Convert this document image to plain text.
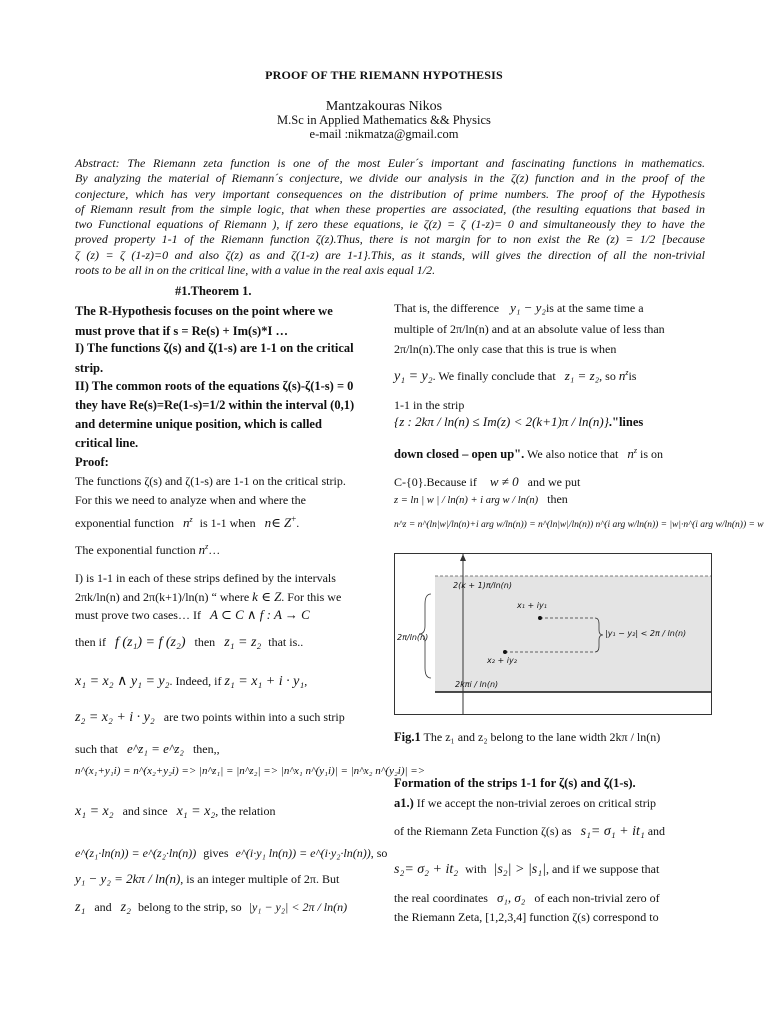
PROOF OF THE RIEMANN HYPOTHESIS
Mantzakouras Nikos
M.Sc in Applied Mathematics && Physics
e-mail :nikmatza@gmail.com
Abstract: The Riemann zeta function is one of the most Euler´s important and fascinating functions in mathematics.
By analyzing the material of Riemann´s conjecture, we divide our analysis in the ζ(z) function and in the proof of the
conjecture, which has very important consequences on the distribution of prime numbers. The proof of the Hypothesis
of Riemann result from the simple logic, that when these properties are associated, (the resulting equations that based in
two Functional equations of Riemann ), if zero these equations, ie ζ(z) = ζ (1-z)= 0 and simultaneously they to have the
proved property 1-1 of the Riemann function ζ(z).Thus, there is not margin for to non exist the Re (z) = 1/2 [because
ζ (z) = ζ (1-z)=0 and also ζ(z) as and ζ(1-z) are 1-1}.This, as it stands, will gives the direction of all the non-trivial
roots to be all in on the critical line, with a value in the real axis equal 1/2.
#1.Theorem 1.
The R-Hypothesis focuses on the point where we
must prove that if s = Re(s) + Im(s)*I …
I) The functions ζ(s) and ζ(1-s) are 1-1 on the critical
strip.
II) The common roots of the equations ζ(s)-ζ(1-s) = 0
they have Re(s)=Re(1-s)=1/2 within the interval (0,1)
and determine unique position, which is called
critical line.
Proof:
The functions ζ(s) and ζ(1-s) are 1-1 on the critical strip.
For this we need to analyze when and where the
exponential function $n^z$ is 1-1 when n∈ Z+.
The exponential function $n^z\dots$
I) is 1-1 in each of these strips defined by the intervals
2πk/ln(n) and 2π(k+1)/ln(n) “ where k ∈ Z. For this we
must prove two cases… If A ⊂ C ∧ f : A → C
then if f (z₁) = f (z₂) then z₁ = z₂ that is..
x₁ = x₂ ∧ y₁ = y₂. Indeed, if z₁ = x₁ + i · y₁,
z₂ = x₂ + i · y₂ are two points within into a such strip
such that e^z₁ = e^z₂ then,,
n^(x₁+y₁i) = n^(x₂+y₂i) => |n^z₁| = |n^z₂| => |n^x₁ n^(y₁i)| = |n^x₂ n^(y₂i)| =>
x₁ = x₂ and since x₁ = x₂, the relation
e^(z₁·ln(n)) = e^(z₂·ln(n)) gives e^(i·y₁ ln(n)) = e^(i·y₂·ln(n)), so
y₁ − y₂ = 2kπ / ln(n), is an integer multiple of 2π. But
z₁ and z₂ belong to the strip, so |y₁ − y₂| < 2π / ln(n)
That is, the difference y₁ − y₂is at the same time a
multiple of 2π/ln(n) and at an absolute value of less than
2π/ln(n).The only case that this is true is when
y₁ = y₂. We finally conclude that z₁ = z₂, so $n^zis$
1-1 in the strip
{z : 2kπ / ln(n) ≤ Im(z) < 2(k+1)π / ln(n)}."lines
down closed – open up". We also notice that $n^z$ is on
C-{0}.Because if w ≠ 0 and we put
z = ln | w | / ln(n) + i arg w / ln(n) then
n^z = n^(ln|w|/ln(n)+i arg w/ln(n)) = n^(ln|w|/ln(n)) n^(i arg w/ln(n)) = |w|·n^(i arg w/ln(n)) = w
2(k + 1)π/ln(n)
x₁ + iy₁
|y₁ − y₂| < 2π / ln(n)
2π/ln(n)
x₂ + iy₂
2kπi / ln(n)
Fig.1 The z₁ and z₂ belong to the lane width 2kπ / ln(n)
Formation of the strips 1-1 for ζ(s) and ζ(1-s).
a1.) If we accept the non-trivial zeroes on critical strip
of the Riemann Zeta Function ζ(s) as s₁= σ₁ + it₁ and
s₂= σ₂ + it₂ with |s₂| > |s₁|, and if we suppose that
the real coordinates σ₁, σ₂ of each non-trivial zero of
the Riemann Zeta, [1,2,3,4] function ζ(s) correspond to
